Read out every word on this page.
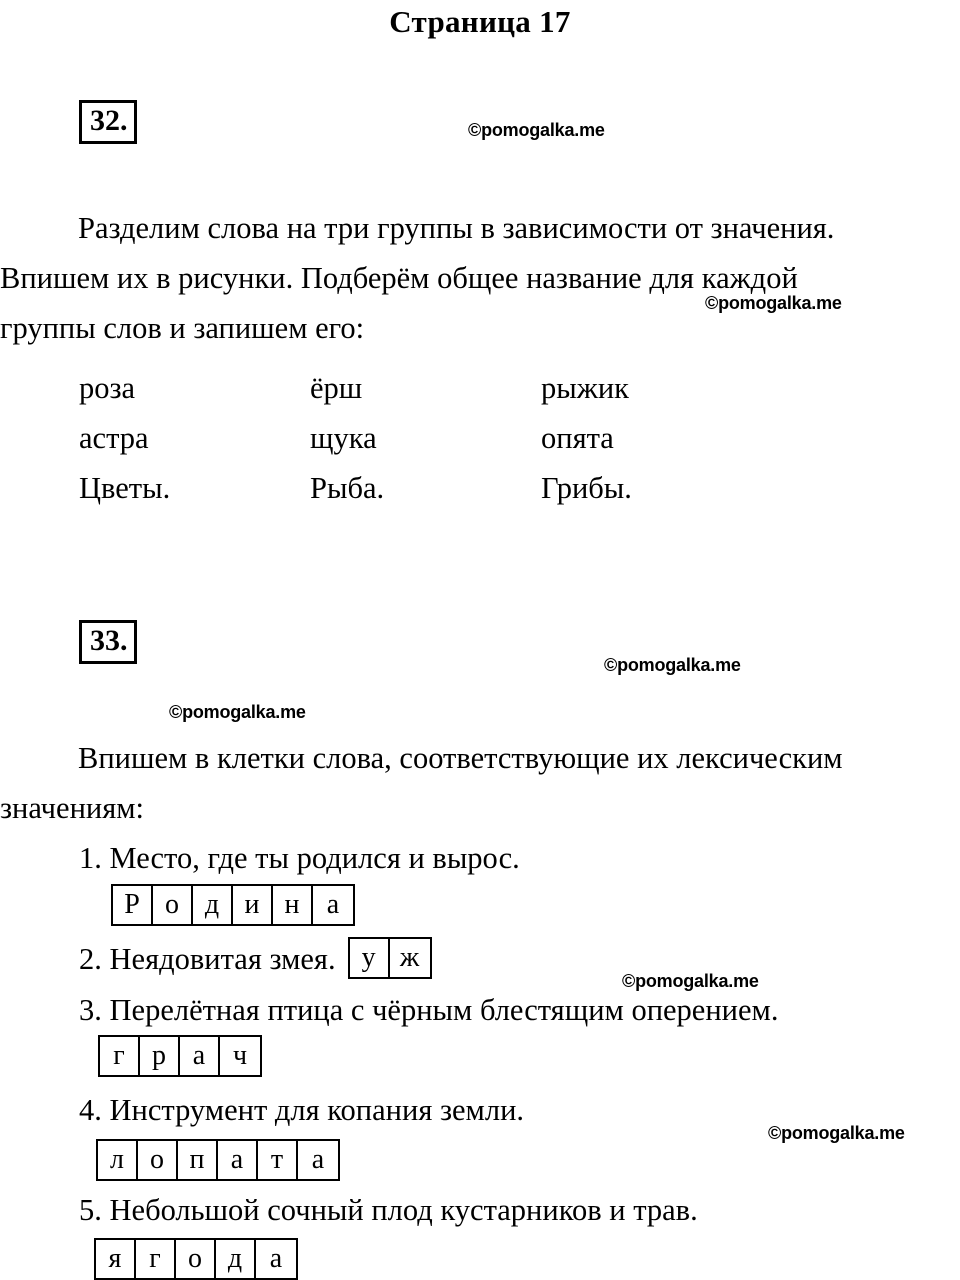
Страница 17
32.
Разделим слова на три группы в зависимости от значения. Впишем их в рисунки. Подберём общее название для каждой группы слов и запишем его:
роза
астра
Цветы.
ёрш
щука
Рыба.
рыжик
опята
Грибы.
33.
Впишем в клетки слова, соответствующие их лексическим значениям:
1. Место, где ты родился и вырос.
Р о д и н а
2. Неядовитая змея. у ж
3. Перелётная птица с чёрным блестящим оперением.
г р а ч
4. Инструмент для копания земли.
л о п а т	а
5. Небольшой сочный плод кустарников и трав.
я г о д а
©pomogalka.me
©pomogalka.me
©pomogalka.me
©pomogalka.me
©pomogalka.me
©pomogalka.me
